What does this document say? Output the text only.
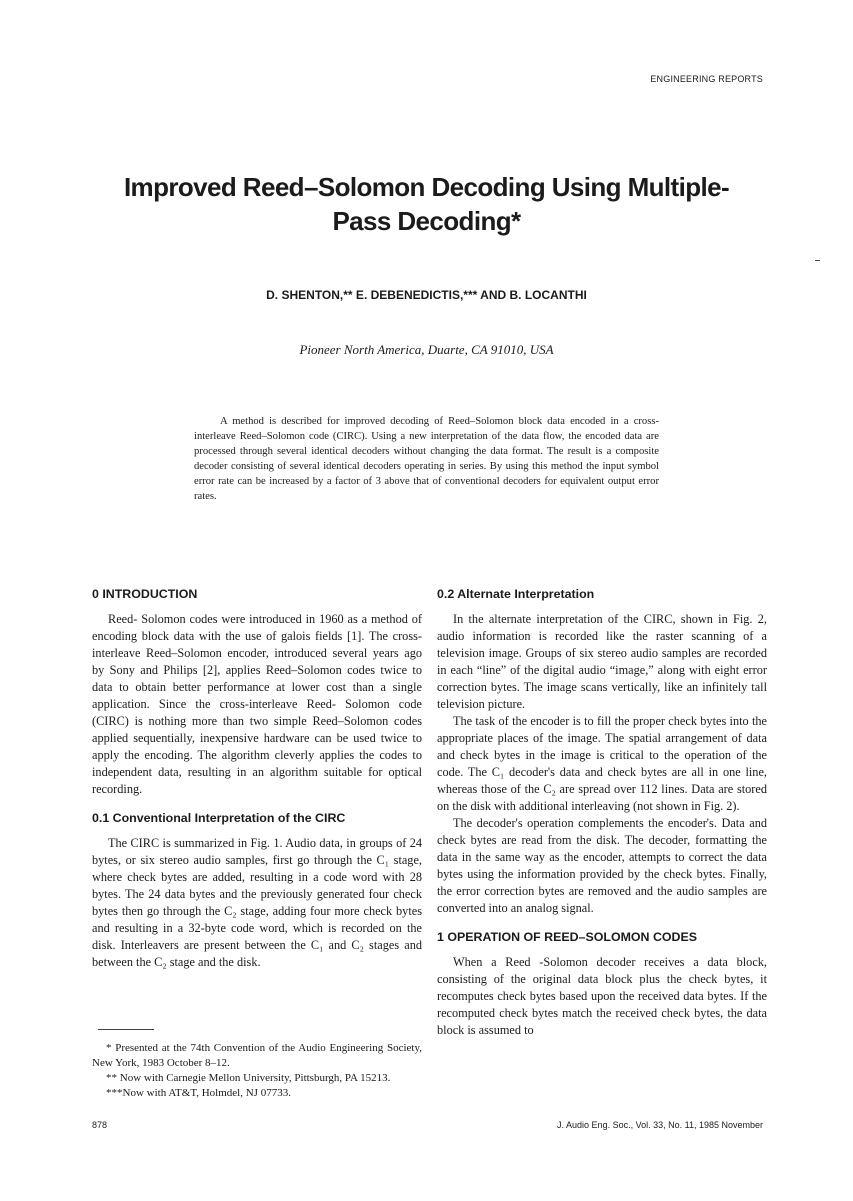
ENGINEERING REPORTS
Improved Reed–Solomon Decoding Using Multiple-
Pass Decoding*
D. SHENTON,** E. DEBENEDICTIS,*** AND B. LOCANTHI
Pioneer North America, Duarte, CA 91010, USA

A method is described for improved decoding of Reed–Solomon block data encoded in a cross-interleave Reed–Solomon code (CIRC). Using a new interpretation of the data flow, the encoded data are processed through several identical decoders without changing the data format. The result is a composite decoder consisting of several identical decoders operating in series. By using this method the input symbol error rate can be increased by a factor of 3 above that of conventional decoders for equivalent output error rates.

0 INTRODUCTION

Reed- Solomon codes were introduced in 1960 as a method of encoding block data with the use of galois fields [1]. The cross-interleave Reed–Solomon encoder, introduced several years ago by Sony and Philips [2], applies Reed–Solomon codes twice to data to obtain better performance at lower cost than a single application. Since the cross-interleave Reed- Solomon code (CIRC) is nothing more than two simple Reed–Solomon codes applied sequentially, inexpensive hardware can be used twice to apply the encoding. The algorithm cleverly applies the codes to independent data, resulting in an algorithm suitable for optical recording.

0.1 Conventional Interpretation of the CIRC

The CIRC is summarized in Fig. 1. Audio data, in groups of 24 bytes, or six stereo audio samples, first go through the C₁ stage, where check bytes are added, resulting in a code word with 28 bytes. The 24 data bytes and the previously generated four check bytes then go through the C₂ stage, adding four more check bytes and resulting in a 32-byte code word, which is recorded on the disk. Interleavers are present between the C₁ and C₂ stages and between the C₂ stage and the disk.

* Presented at the 74th Convention of the Audio Engineering Society, New York, 1983 October 8–12.

** Now with Carnegie Mellon University, Pittsburgh, PA 15213.

***Now with AT&T, Holmdel, NJ 07733.

0.2 Alternate Interpretation

In the alternate interpretation of the CIRC, shown in Fig. 2, audio information is recorded like the raster scanning of a television image. Groups of six stereo audio samples are recorded in each “line” of the digital audio “image,” along with eight error correction bytes. The image scans vertically, like an infinitely tall television picture.

The task of the encoder is to fill the proper check bytes into the appropriate places of the image. The spatial arrangement of data and check bytes in the image is critical to the operation of the code. The C₁ decoder's data and check bytes are all in one line, whereas those of the C₂ are spread over 112 lines. Data are stored on the disk with additional interleaving (not shown in Fig. 2).

The decoder's operation complements the encoder's. Data and check bytes are read from the disk. The decoder, formatting the data in the same way as the encoder, attempts to correct the data bytes using the information provided by the check bytes. Finally, the error correction bytes are removed and the audio samples are converted into an analog signal.

1 OPERATION OF REED–SOLOMON CODES

When a Reed -Solomon decoder receives a data block, consisting of the original data block plus the check bytes, it recomputes check bytes based upon the received data bytes. If the recomputed check bytes match the received check bytes, the data block is assumed to

878	J. Audio Eng. Soc., Vol. 33, No. 11, 1985 November
